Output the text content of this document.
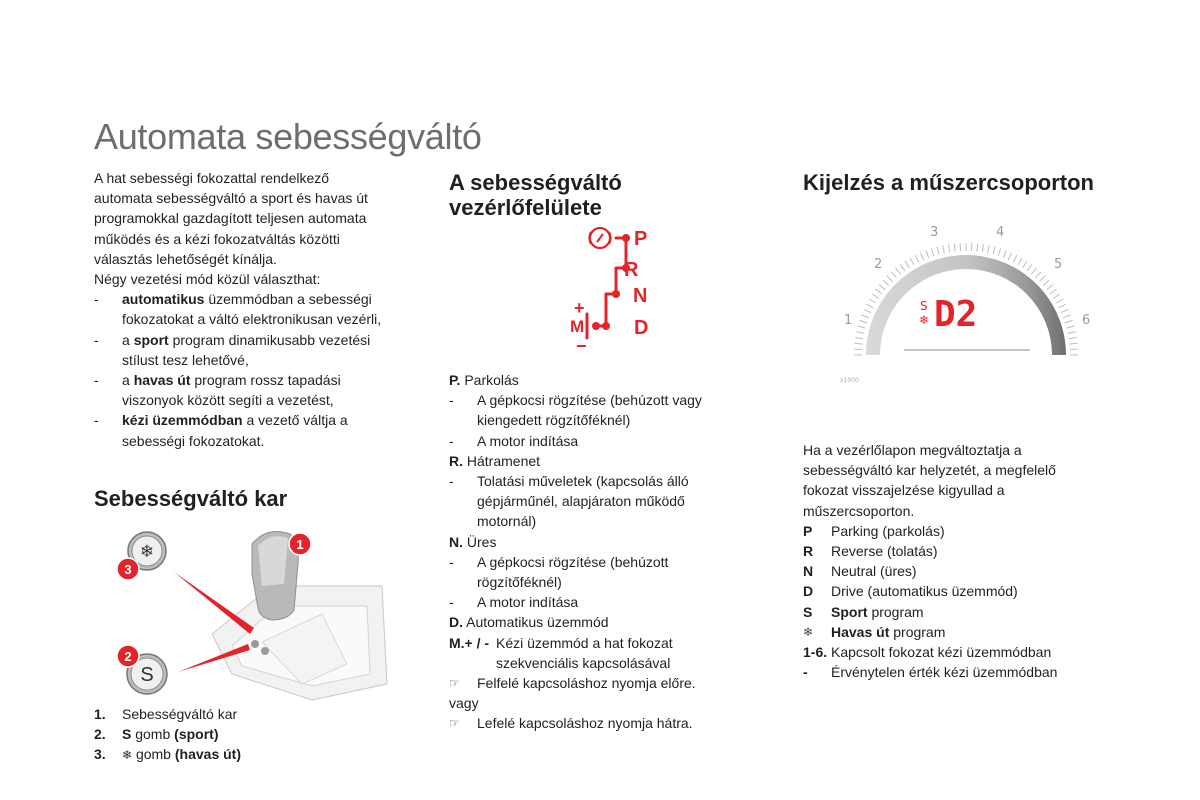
Automata sebességváltó
A hat sebességi fokozattal rendelkező
automata sebességváltó a sport és havas út
programokkal gazdagított teljesen automata
működés és a kézi fokozatváltás közötti
választás lehetőségét kínálja.
Négy vezetési mód közül választhat:
- automatikus üzemmódban a sebességi
fokozatokat a váltó elektronikusan vezérli,
- a sport program dinamikusabb vezetési
stílust tesz lehetővé,
- a havas út program rossz tapadási
viszonyok között segíti a vezetést,
- kézi üzemmódban a vezető váltja a
sebességi fokozatokat.
Sebességváltó kar
❄
S
1
2
3
1. Sebességváltó kar
2. S gomb (sport)
3. ❄ gomb (havas út)
A sebességváltó
vezérlőfelülete
P
R
N
D
M
+
−
P. Parkolás
- A gépkocsi rögzítése (behúzott vagy
kiengedett rögzítőféknél)
- A motor indítása
R. Hátramenet
- Tolatási műveletek (kapcsolás álló
gépjárműnél, alapjáraton működő
motornál)
N. Üres
- A gépkocsi rögzítése (behúzott
rögzítőféknél)
- A motor indítása
D. Automatikus üzemmód
M.+ / - Kézi üzemmód a hat fokozat
szekvenciális kapcsolásával
☞ Felfelé kapcsoláshoz nyomja előre.
vagy
☞ Lefelé kapcsoláshoz nyomja hátra.
Kijelzés a műszercsoporton
1
2
3	4
5
6
x1000
S
❄ D2
Ha a vezérlőlapon megváltoztatja a
sebességváltó kar helyzetét, a megfelelő
fokozat visszajelzése kigyullad a
műszercsoporton.
P Parking (parkolás)
R Reverse (tolatás)
N Neutral (üres)
D Drive (automatikus üzemmód)
S Sport program
❄ Havas út program
1-6. Kapcsolt fokozat kézi üzemmódban
- Érvénytelen érték kézi üzemmódban
